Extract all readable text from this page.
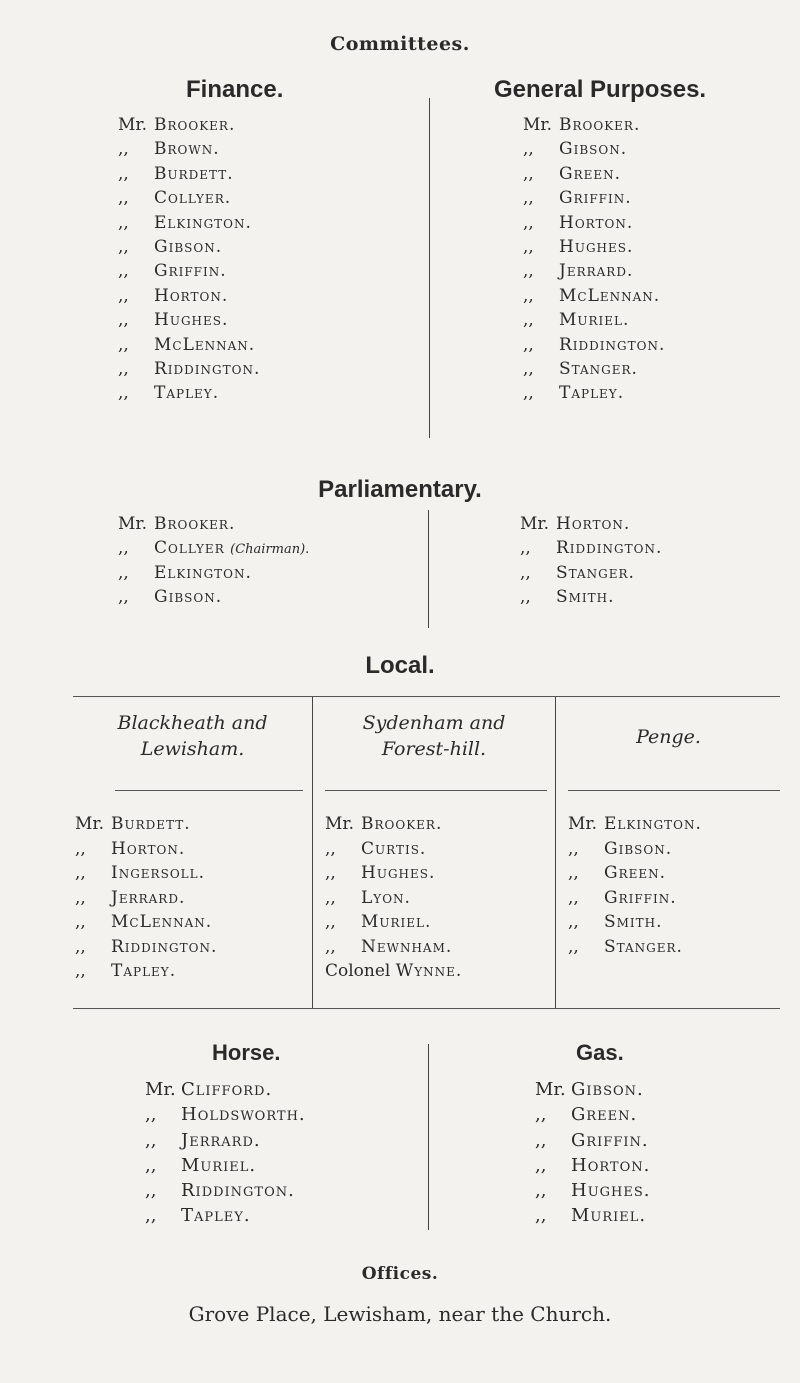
Committees.
Finance.
Mr. Brooker.
,, Brown.
,, Burdett.
,, Collyer.
,, Elkington.
,, Gibson.
,, Griffin.
,, Horton.
,, Hughes.
,, McLennan.
,, Riddington.
,, Tapley.
General Purposes.
Mr. Brooker.
,, Gibson.
,, Green.
,, Griffin.
,, Horton.
,, Hughes.
,, Jerrard.
,, McLennan.
,, Muriel.
,, Riddington.
,, Stanger.
,, Tapley.
Parliamentary.
Mr. Brooker.
,, Collyer (Chairman).
,, Elkington.
,, Gibson.
Mr. Horton.
,, Riddington.
,, Stanger.
,, Smith.
Local.
Blackheath and
Lewisham.
Sydenham and
Forest-hill.
Penge.
Mr. Burdett.
,, Horton.
,, Ingersoll.
,, Jerrard.
,, McLennan.
,, Riddington.
,, Tapley.
Mr. Brooker.
,, Curtis.
,, Hughes.
,, Lyon.
,, Muriel.
,, Newnham.
Colonel Wynne.
Mr. Elkington.
,, Gibson.
,, Green.
,, Griffin.
,, Smith.
,, Stanger.
Horse.
Mr. Clifford.
,, Holdsworth.
,, Jerrard.
,, Muriel.
,, Riddington.
,, Tapley.
Gas.
Mr. Gibson.
,, Green.
,, Griffin.
,, Horton.
,, Hughes.
,, Muriel.
Offices.
Grove Place, Lewisham, near the Church.
